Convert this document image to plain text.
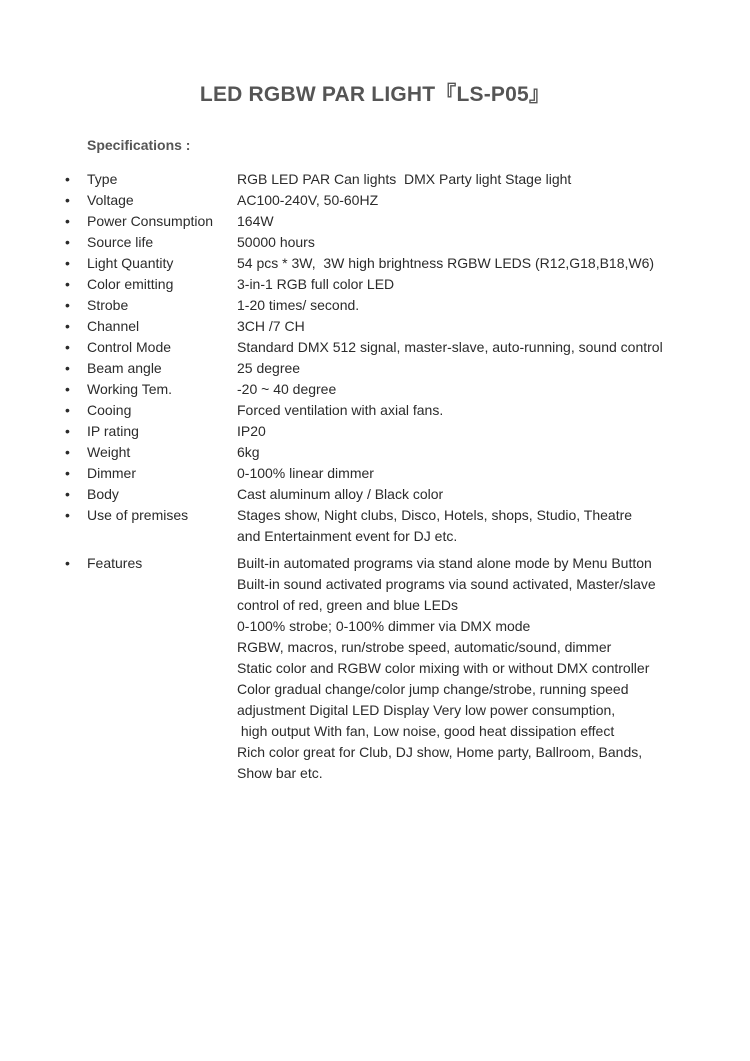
LED RGBW PAR LIGHT『LS-P05』
Specifications :
•	Type	RGB LED PAR Can lights  DMX Party light Stage light
•	Voltage	AC100-240V, 50-60HZ
•	Power Consumption 164W
•	Source life	50000 hours
•	Light Quantity	54 pcs * 3W,  3W high brightness RGBW LEDS (R12,G18,B18,W6)
•	Color emitting	3-in-1 RGB full color LED
•	Strobe	1-20 times/ second.
•	Channel	3CH /7 CH
•	Control Mode	Standard DMX 512 signal, master-slave, auto-running, sound control
•	Beam angle	25 degree
•	Working Tem.	-20 ~ 40 degree
•	Cooing	Forced ventilation with axial fans.
•	IP rating	IP20
•	Weight	6kg
•	Dimmer	0-100% linear dimmer
•	Body	Cast aluminum alloy / Black color
•	Use of premises	Stages show, Night clubs, Disco, Hotels, shops, Studio, Theatre
and Entertainment event for DJ etc.
•	Features	Built-in automated programs via stand alone mode by Menu Button
Built-in sound activated programs via sound activated, Master/slave
control of red, green and blue LEDs
0-100% strobe; 0-100% dimmer via DMX mode
RGBW, macros, run/strobe speed, automatic/sound, dimmer
Static color and RGBW color mixing with or without DMX controller
Color gradual change/color jump change/strobe, running speed
adjustment Digital LED Display Very low power consumption,
high output With fan, Low noise, good heat dissipation effect
Rich color great for Club, DJ show, Home party, Ballroom, Bands,
Show bar etc.
